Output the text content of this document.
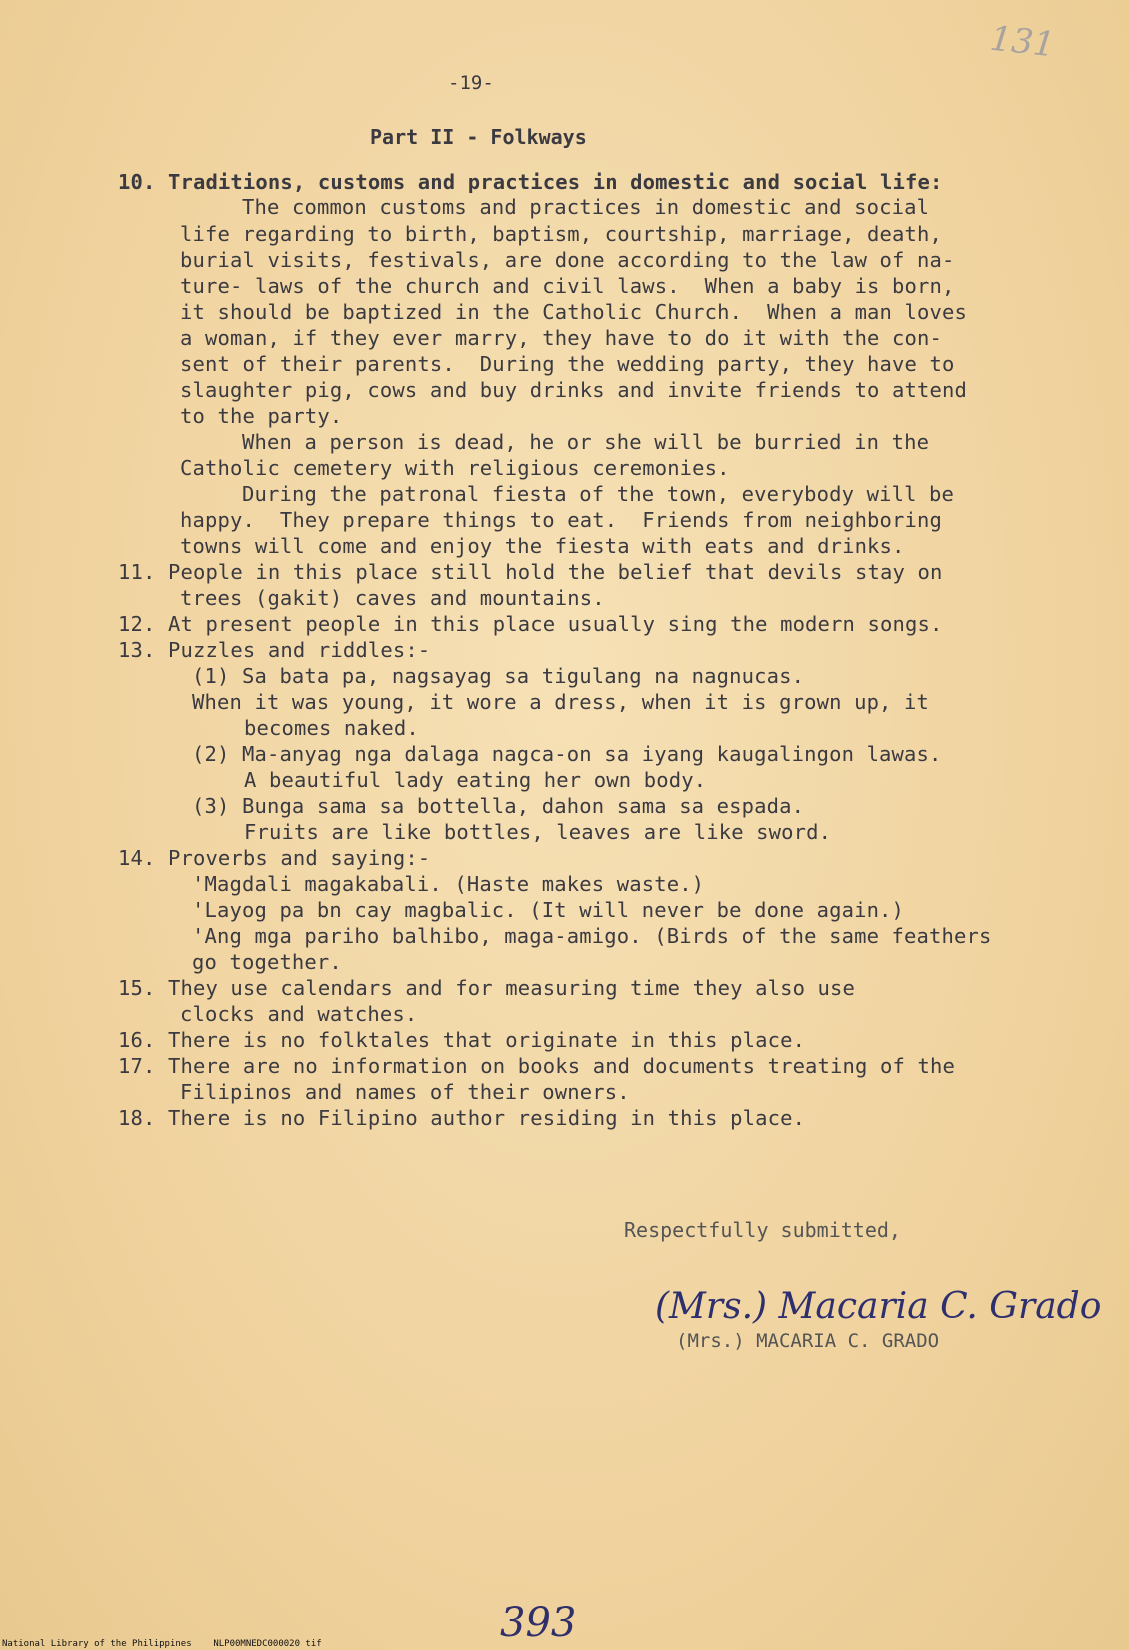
131
-19-
Part II - Folkways
10. Traditions, customs and practices in domestic and social life:
The common customs and practices in domestic and social
life regarding to birth, baptism, courtship, marriage, death,
burial visits, festivals, are done according to the law of na-
ture- laws of the church and civil laws.  When a baby is born,
it should be baptized in the Catholic Church.  When a man loves
a woman, if they ever marry, they have to do it with the con-
sent of their parents.  During the wedding party, they have to
slaughter pig, cows and buy drinks and invite friends to attend
to the party.
When a person is dead, he or she will be burried in the
Catholic cemetery with religious ceremonies.
During the patronal fiesta of the town, everybody will be
happy.  They prepare things to eat.  Friends from neighboring
towns will come and enjoy the fiesta with eats and drinks.
11. People in this place still hold the belief that devils stay on
trees (gakit) caves and mountains.
12. At present people in this place usually sing the modern songs.
13. Puzzles and riddles:-
(1) Sa bata pa, nagsayag sa tigulang na nagnucas.
When it was young, it wore a dress, when it is grown up, it
becomes naked.
(2) Ma-anyag nga dalaga nagca-on sa iyang kaugalingon lawas.
A beautiful lady eating her own body.
(3) Bunga sama sa bottella, dahon sama sa espada.
Fruits are like bottles, leaves are like sword.
14. Proverbs and saying:-
'Magdali magakabali. (Haste makes waste.)
'Layog pa bn cay magbalic. (It will never be done again.)
'Ang mga pariho balhibo, maga-amigo. (Birds of the same feathers
go together.
15. They use calendars and for measuring time they also use
clocks and watches.
16. There is no folktales that originate in this place.
17. There are no information on books and documents treating of the
Filipinos and names of their owners.
18. There is no Filipino author residing in this place.
Respectfully submitted,
(Mrs.) Macaria C. Grado
(Mrs.) MACARIA C. GRADO
393
National Library of the Philippines    NLP00MNEDC000020 tif
